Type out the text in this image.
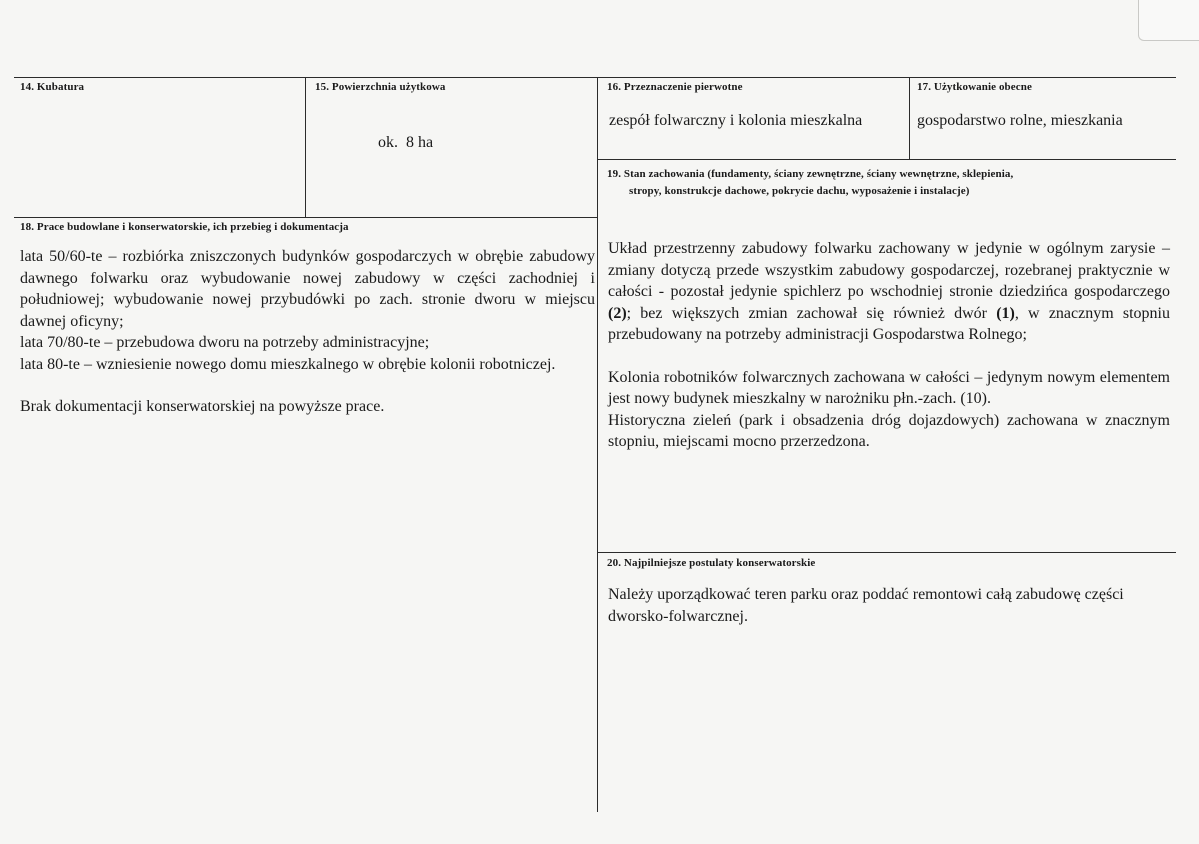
14. Kubatura	15. Powierzchnia użytkowa
ok.  8 ha
16. Przeznaczenie pierwotne
zespół folwarczny i kolonia mieszkalna
17. Użytkowanie obecne
gospodarstwo rolne, mieszkania
19. Stan zachowania (fundamenty, ściany zewnętrzne, ściany wewnętrzne, sklepienia,
stropy, konstrukcje dachowe, pokrycie dachu, wyposażenie i instalacje)
18. Prace budowlane i konserwatorskie, ich przebieg i dokumentacja

lata 50/60-te – rozbiórka zniszczonych budynków gospodarczych w obrębie zabudowy dawnego folwarku oraz wybudowanie nowej zabudowy w części zachodniej i południowej; wybudowanie nowej przybudówki po zach. stronie dworu w miejscu dawnej oficyny;

lata 70/80-te – przebudowa dworu na potrzeby administracyjne;

lata 80-te – wzniesienie nowego domu mieszkalnego w obrębie kolonii robotniczej.

Brak dokumentacji konserwatorskiej na powyższe prace.

Układ przestrzenny zabudowy folwarku zachowany w jedynie w ogólnym zarysie – zmiany dotyczą przede wszystkim zabudowy gospodarczej, rozebranej praktycznie w całości - pozostał jedynie spichlerz po wschodniej stronie dziedzińca gospodarczego (2); bez większych zmian zachował się również dwór (1), w znacznym stopniu przebudowany na potrzeby administracji Gospodarstwa Rolnego;

Kolonia robotników folwarcznych zachowana w całości – jedynym nowym elementem jest nowy budynek mieszkalny w narożniku płn.-zach. (10).

Historyczna zieleń (park i obsadzenia dróg dojazdowych) zachowana w znacznym stopniu, miejscami mocno przerzedzona.

20. Najpilniejsze postulaty konserwatorskie
Należy uporządkować teren parku oraz poddać remontowi całą zabudowę części dworsko-folwarcznej.
